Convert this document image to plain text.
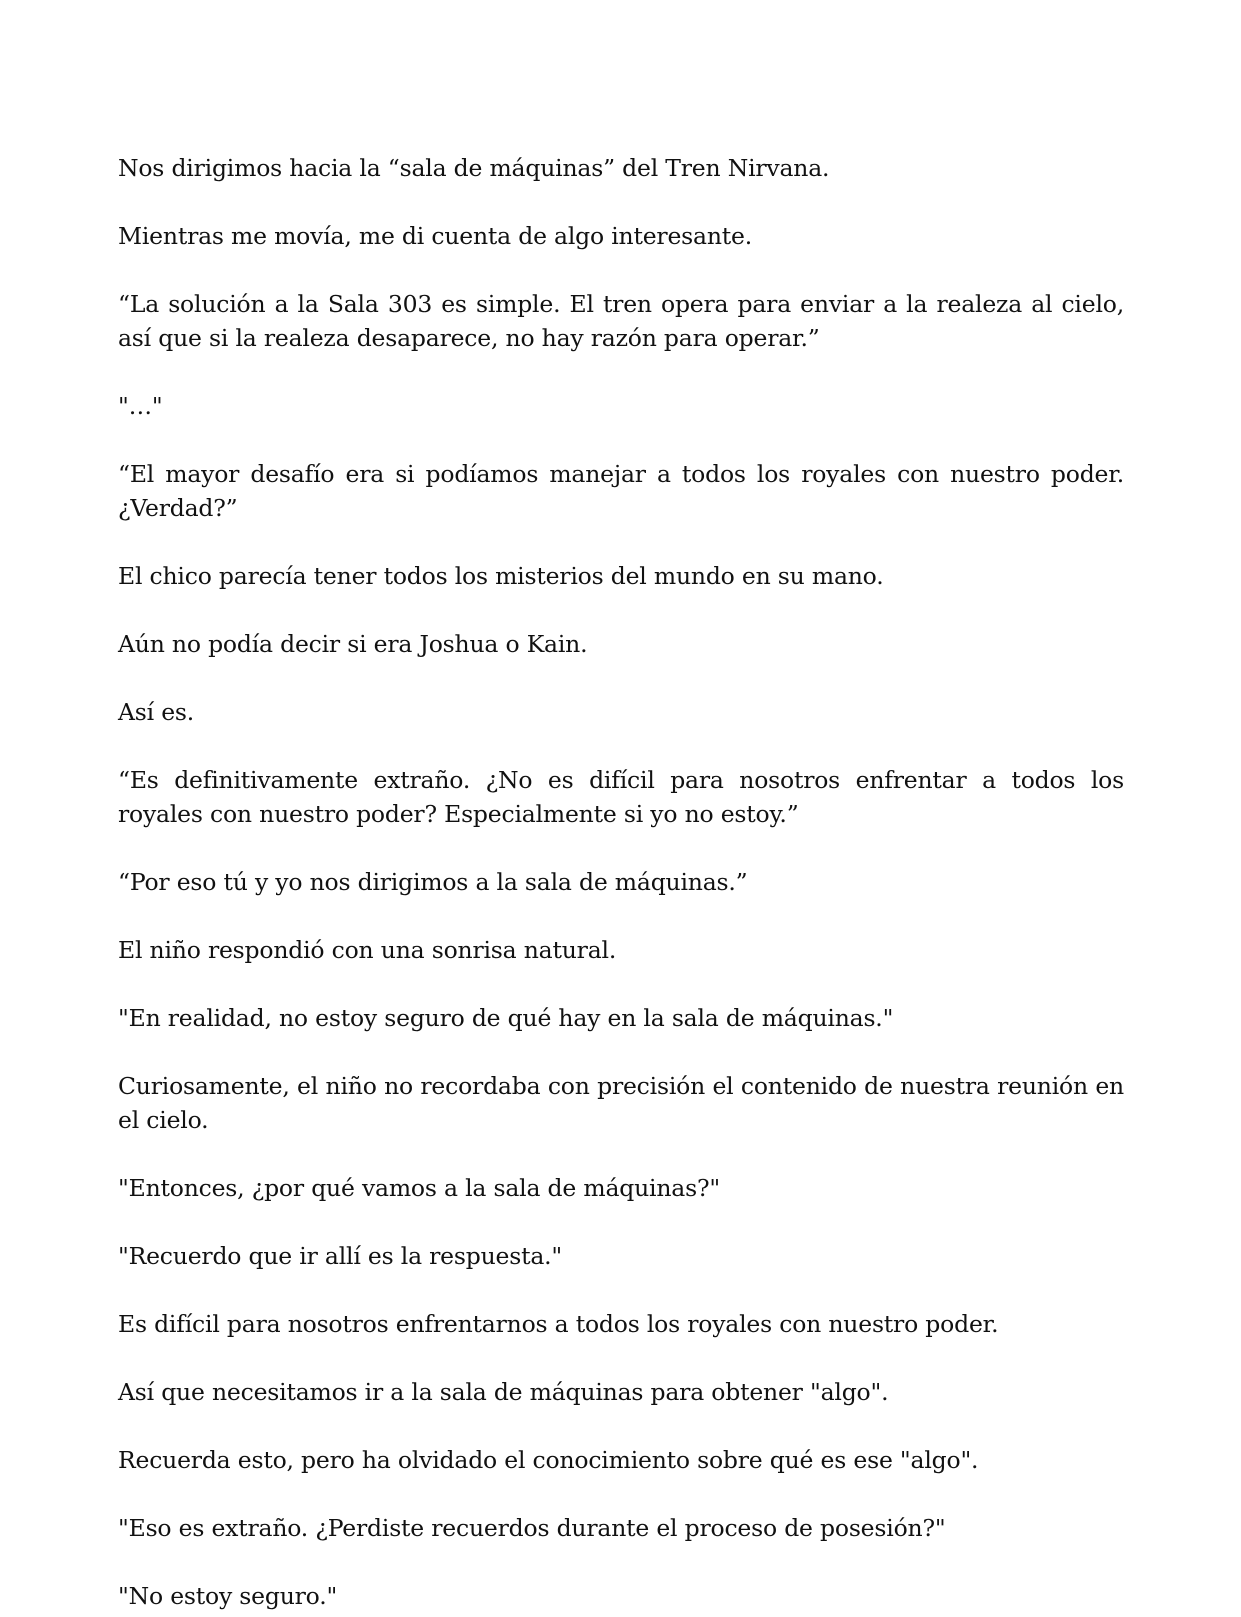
Nos dirigimos hacia la “sala de máquinas” del Tren Nirvana.

Mientras me movía, me di cuenta de algo interesante.

“La solución a la Sala 303 es simple. El tren opera para enviar a la realeza al cielo, así que si la realeza desaparece, no hay razón para operar.”

"…"

“El mayor desafío era si podíamos manejar a todos los royales con nuestro poder. ¿Verdad?”

El chico parecía tener todos los misterios del mundo en su mano.

Aún no podía decir si era Joshua o Kain.

Así es.

“Es definitivamente extraño. ¿No es difícil para nosotros enfrentar a todos los royales con nuestro poder? Especialmente si yo no estoy.”

“Por eso tú y yo nos dirigimos a la sala de máquinas.”

El niño respondió con una sonrisa natural.

"En realidad, no estoy seguro de qué hay en la sala de máquinas."

Curiosamente, el niño no recordaba con precisión el contenido de nuestra reunión en el cielo.

"Entonces, ¿por qué vamos a la sala de máquinas?"

"Recuerdo que ir allí es la respuesta."

Es difícil para nosotros enfrentarnos a todos los royales con nuestro poder.

Así que necesitamos ir a la sala de máquinas para obtener "algo".

Recuerda esto, pero ha olvidado el conocimiento sobre qué es ese "algo".

"Eso es extraño. ¿Perdiste recuerdos durante el proceso de posesión?"

"No estoy seguro."
